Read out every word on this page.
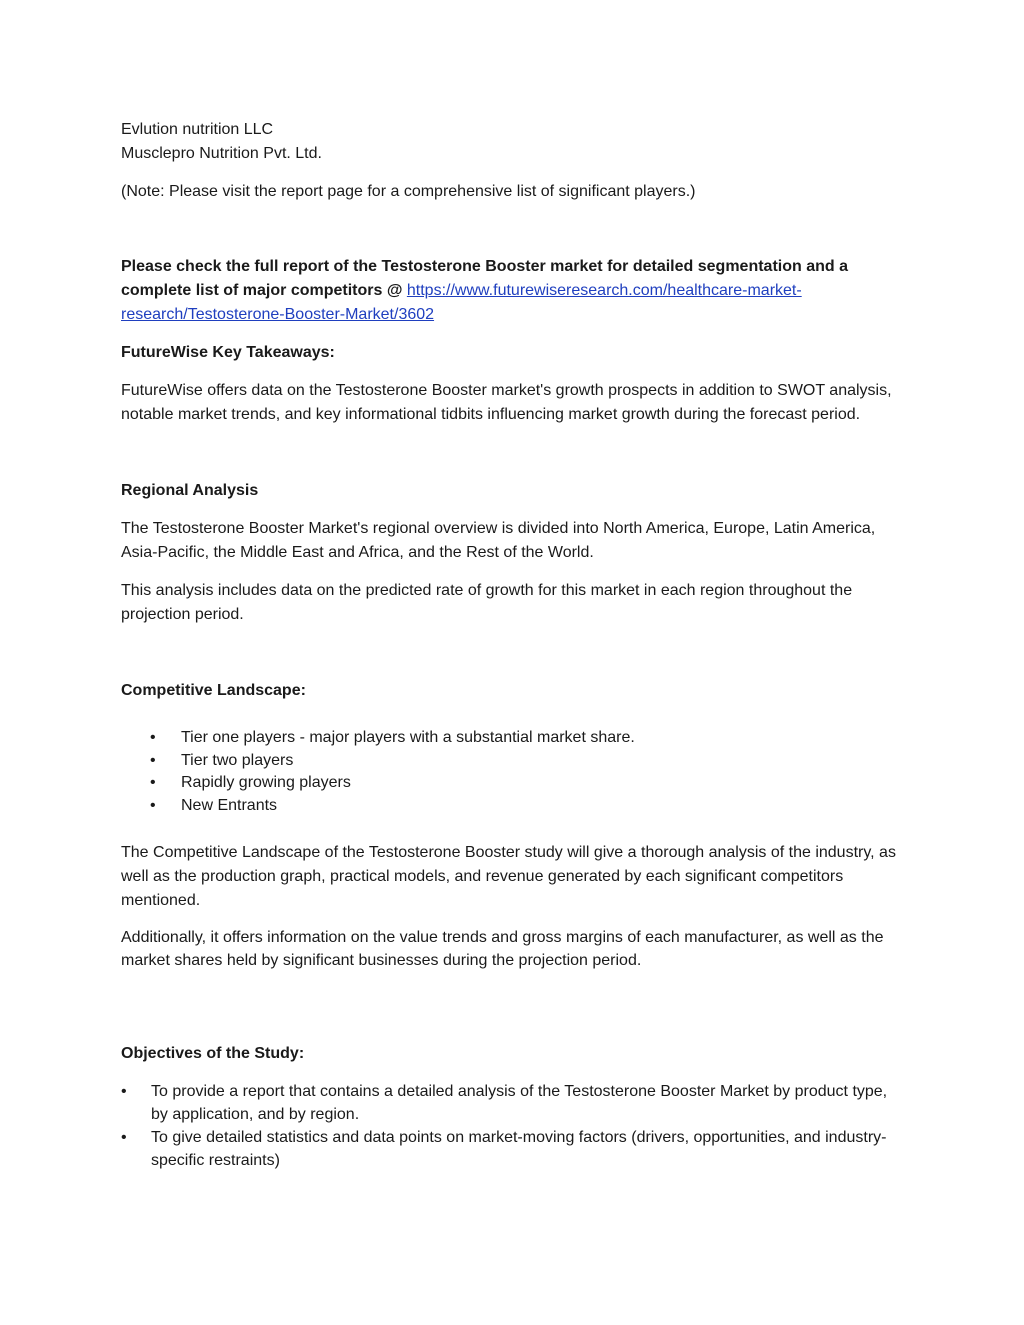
Evlution nutrition LLC

Musclepro Nutrition Pvt. Ltd.

(Note: Please visit the report page for a comprehensive list of significant players.)

Please check the full report of the Testosterone Booster market for detailed segmentation and a complete list of major competitors @ https://www.futurewiseresearch.com/healthcare-market-research/Testosterone-Booster-Market/3602

FutureWise Key Takeaways:

FutureWise offers data on the Testosterone Booster market's growth prospects in addition to SWOT analysis, notable market trends, and key informational tidbits influencing market growth during the forecast period.

Regional Analysis

The Testosterone Booster Market's regional overview is divided into North America, Europe, Latin America, Asia-Pacific, the Middle East and Africa, and the Rest of the World.

This analysis includes data on the predicted rate of growth for this market in each region throughout the projection period.

Competitive Landscape:

• Tier one players - major players with a substantial market share.
• Tier two players
• Rapidly growing players
• New Entrants

The Competitive Landscape of the Testosterone Booster study will give a thorough analysis of the industry, as well as the production graph, practical models, and revenue generated by each significant competitors mentioned.

Additionally, it offers information on the value trends and gross margins of each manufacturer, as well as the market shares held by significant businesses during the projection period.

Objectives of the Study:

• To provide a report that contains a detailed analysis of the Testosterone Booster Market by product type, by application, and by region.
• To give detailed statistics and data points on market-moving factors (drivers, opportunities, and industry-specific restraints)
